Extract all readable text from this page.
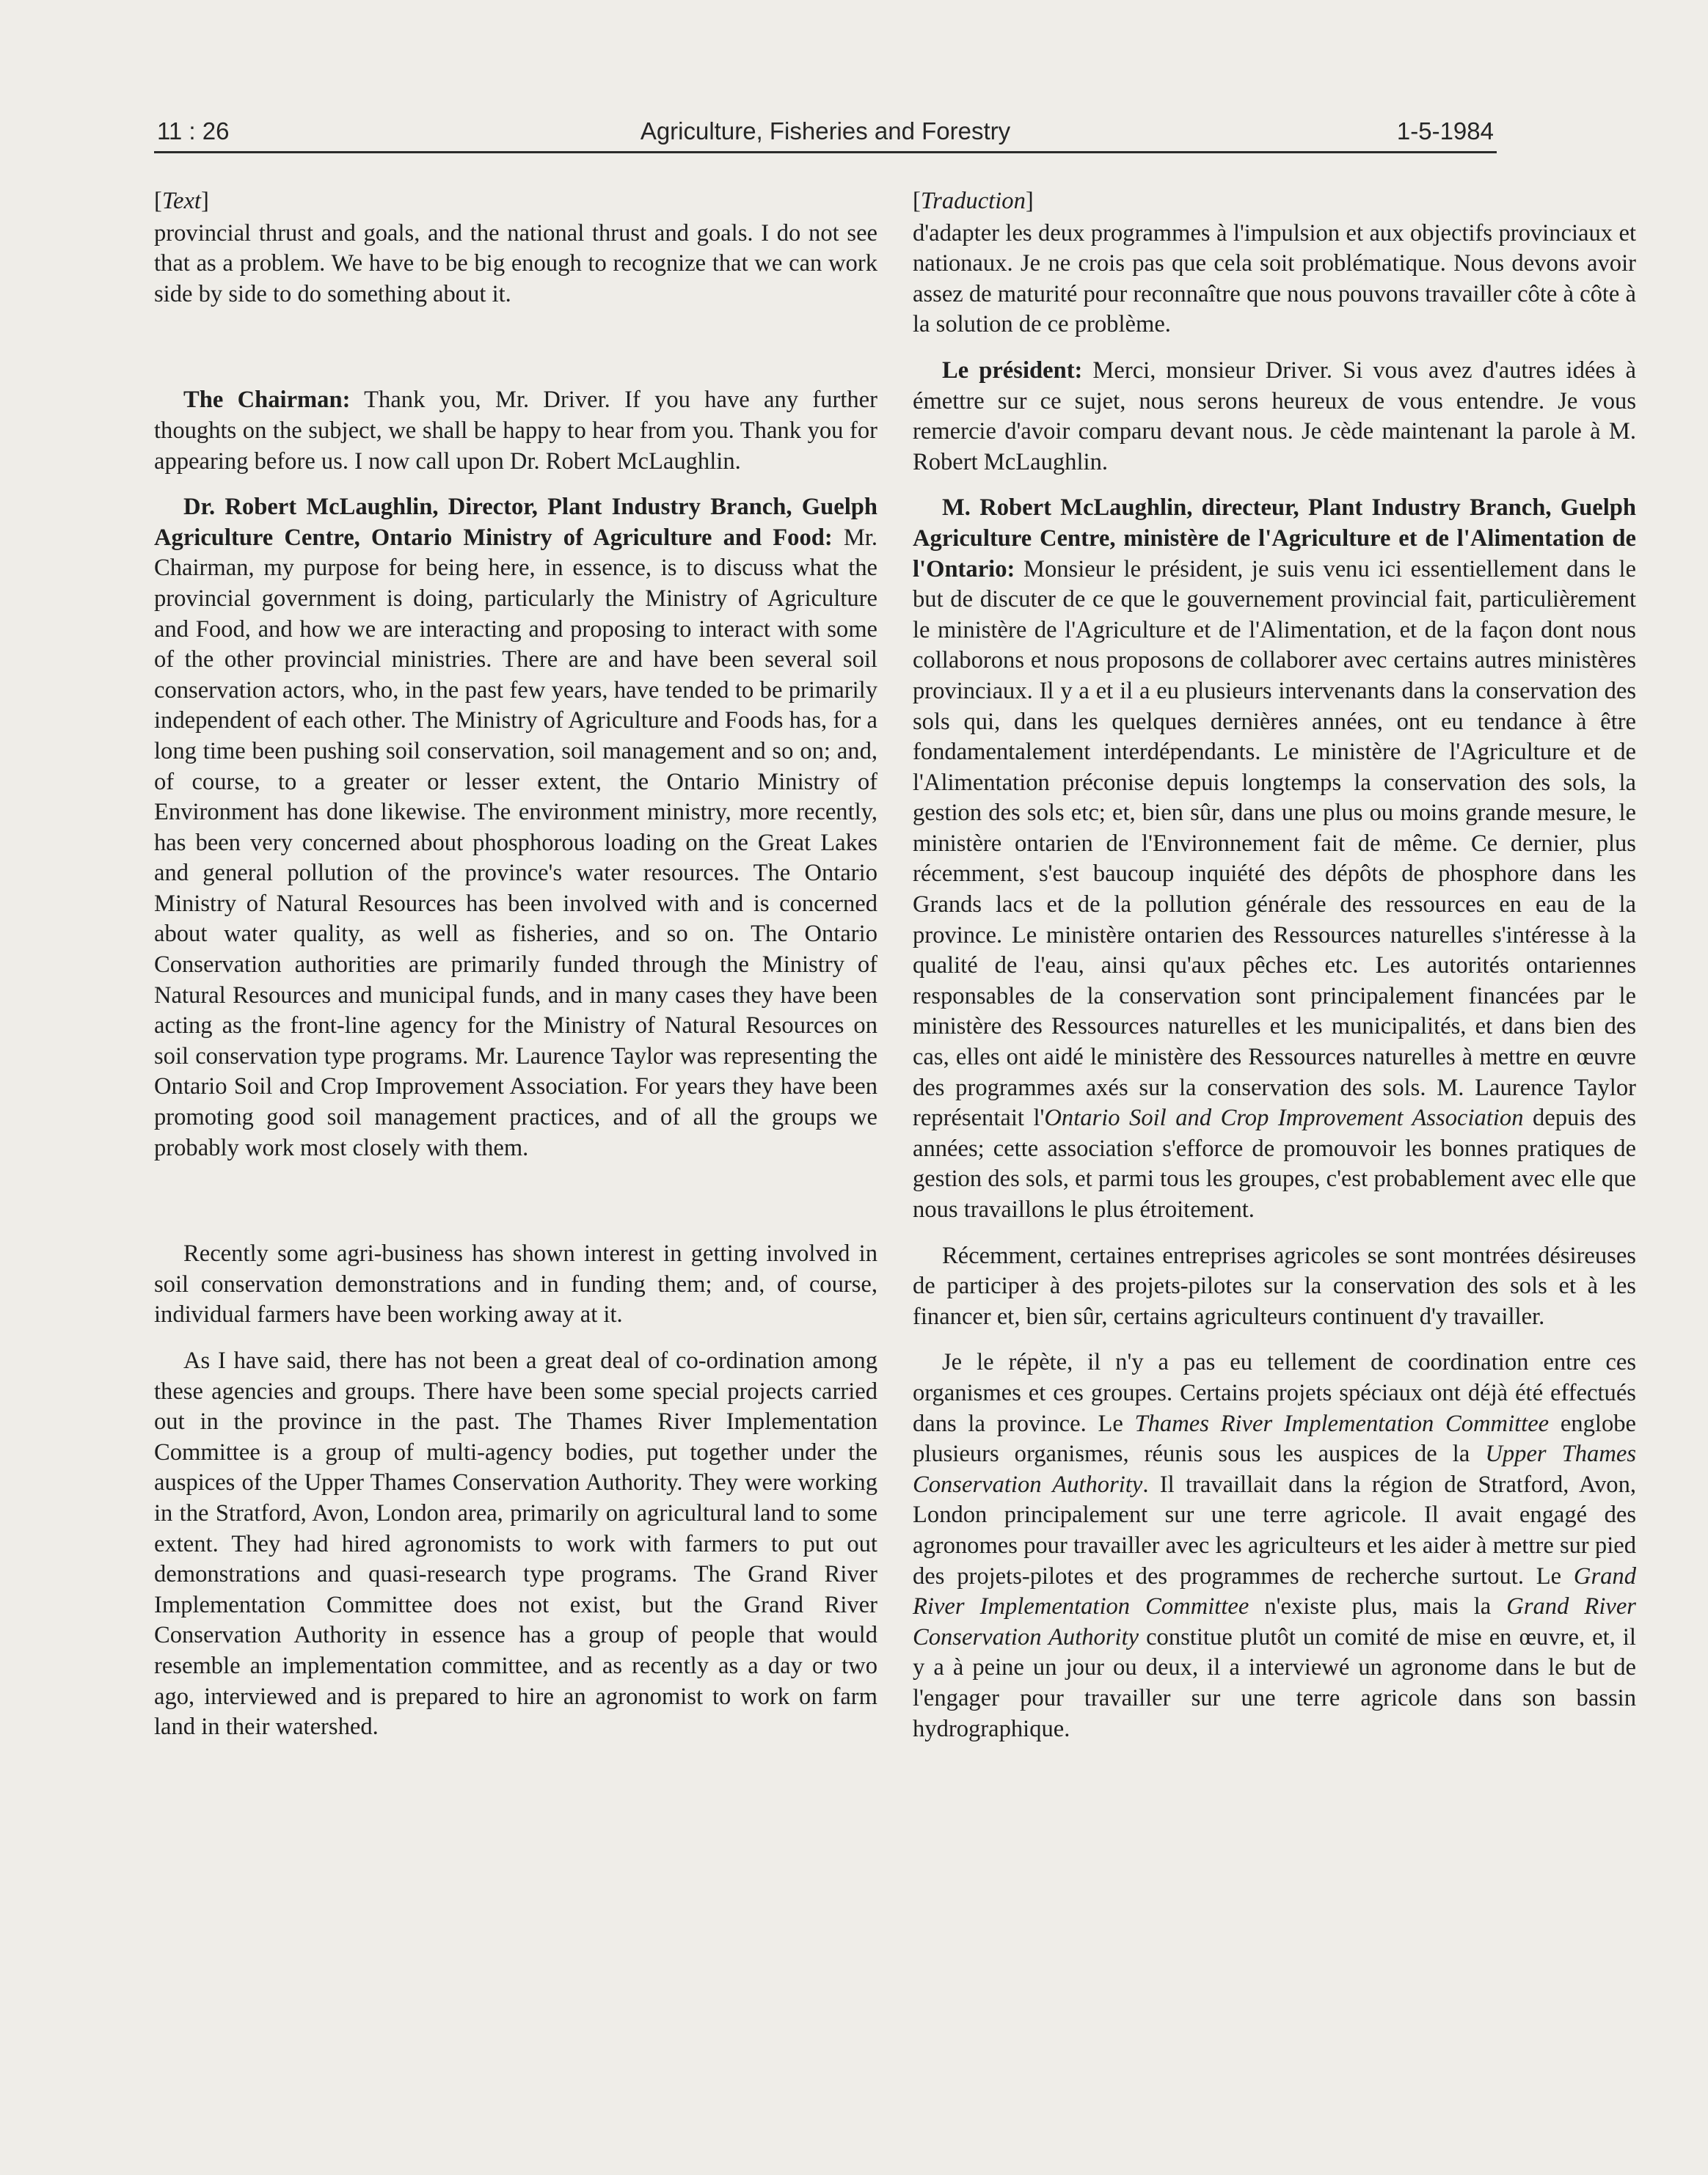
11 : 26	Agriculture, Fisheries and Forestry	1-5-1984

[Text]

provincial thrust and goals, and the national thrust and goals. I do not see that as a problem. We have to be big enough to recognize that we can work side by side to do something about it.

The Chairman: Thank you, Mr. Driver. If you have any further thoughts on the subject, we shall be happy to hear from you. Thank you for appearing before us. I now call upon Dr. Robert McLaughlin.

Dr. Robert McLaughlin, Director, Plant Industry Branch, Guelph Agriculture Centre, Ontario Ministry of Agriculture and Food: Mr. Chairman, my purpose for being here, in essence, is to discuss what the provincial government is doing, particularly the Ministry of Agriculture and Food, and how we are interacting and proposing to interact with some of the other provincial ministries. There are and have been several soil conservation actors, who, in the past few years, have tended to be primarily independent of each other. The Ministry of Agriculture and Foods has, for a long time been pushing soil conservation, soil management and so on; and, of course, to a greater or lesser extent, the Ontario Ministry of Environment has done likewise. The environment ministry, more recently, has been very concerned about phosphorous loading on the Great Lakes and general pollution of the province's water resources. The Ontario Ministry of Natural Resources has been involved with and is concerned about water quality, as well as fisheries, and so on. The Ontario Conservation authorities are primarily funded through the Ministry of Natural Resources and municipal funds, and in many cases they have been acting as the front-line agency for the Ministry of Natural Resources on soil conservation type programs. Mr. Laurence Taylor was representing the Ontario Soil and Crop Improvement Association. For years they have been promoting good soil management practices, and of all the groups we probably work most closely with them.

Recently some agri-business has shown interest in getting involved in soil conservation demonstrations and in funding them; and, of course, individual farmers have been working away at it.

As I have said, there has not been a great deal of co-ordination among these agencies and groups. There have been some special projects carried out in the province in the past. The Thames River Implementation Committee is a group of multi-agency bodies, put together under the auspices of the Upper Thames Conservation Authority. They were working in the Stratford, Avon, London area, primarily on agricultural land to some extent. They had hired agronomists to work with farmers to put out demonstrations and quasi-research type programs. The Grand River Implementation Committee does not exist, but the Grand River Conservation Authority in essence has a group of people that would resemble an implementation committee, and as recently as a day or two ago, interviewed and is prepared to hire an agronomist to work on farm land in their watershed.

[Traduction]

d'adapter les deux programmes à l'impulsion et aux objectifs provinciaux et nationaux. Je ne crois pas que cela soit problématique. Nous devons avoir assez de maturité pour reconnaître que nous pouvons travailler côte à côte à la solution de ce problème.

Le président: Merci, monsieur Driver. Si vous avez d'autres idées à émettre sur ce sujet, nous serons heureux de vous entendre. Je vous remercie d'avoir comparu devant nous. Je cède maintenant la parole à M. Robert McLaughlin.

M. Robert McLaughlin, directeur, Plant Industry Branch, Guelph Agriculture Centre, ministère de l'Agriculture et de l'Alimentation de l'Ontario: Monsieur le président, je suis venu ici essentiellement dans le but de discuter de ce que le gouvernement provincial fait, particulièrement le ministère de l'Agriculture et de l'Alimentation, et de la façon dont nous collaborons et nous proposons de collaborer avec certains autres ministères provinciaux. Il y a et il a eu plusieurs intervenants dans la conservation des sols qui, dans les quelques dernières années, ont eu tendance à être fondamentalement interdépendants. Le ministère de l'Agriculture et de l'Alimentation préconise depuis longtemps la conservation des sols, la gestion des sols etc; et, bien sûr, dans une plus ou moins grande mesure, le ministère ontarien de l'Environnement fait de même. Ce dernier, plus récemment, s'est baucoup inquiété des dépôts de phosphore dans les Grands lacs et de la pollution générale des ressources en eau de la province. Le ministère ontarien des Ressources naturelles s'intéresse à la qualité de l'eau, ainsi qu'aux pêches etc. Les autorités ontariennes responsables de la conservation sont principalement financées par le ministère des Ressources naturelles et les municipalités, et dans bien des cas, elles ont aidé le ministère des Ressources naturelles à mettre en œuvre des programmes axés sur la conservation des sols. M. Laurence Taylor représentait l'Ontario Soil and Crop Improvement Association depuis des années; cette association s'efforce de promouvoir les bonnes pratiques de gestion des sols, et parmi tous les groupes, c'est probablement avec elle que nous travaillons le plus étroitement.

Récemment, certaines entreprises agricoles se sont montrées désireuses de participer à des projets-pilotes sur la conservation des sols et à les financer et, bien sûr, certains agriculteurs continuent d'y travailler.

Je le répète, il n'y a pas eu tellement de coordination entre ces organismes et ces groupes. Certains projets spéciaux ont déjà été effectués dans la province. Le Thames River Implementation Committee englobe plusieurs organismes, réunis sous les auspices de la Upper Thames Conservation Authority. Il travaillait dans la région de Stratford, Avon, London principalement sur une terre agricole. Il avait engagé des agronomes pour travailler avec les agriculteurs et les aider à mettre sur pied des projets-pilotes et des programmes de recherche surtout. Le Grand River Implementation Committee n'existe plus, mais la Grand River Conservation Authority constitue plutôt un comité de mise en œuvre, et, il y a à peine un jour ou deux, il a interviewé un agronome dans le but de l'engager pour travailler sur une terre agricole dans son bassin hydrographique.
